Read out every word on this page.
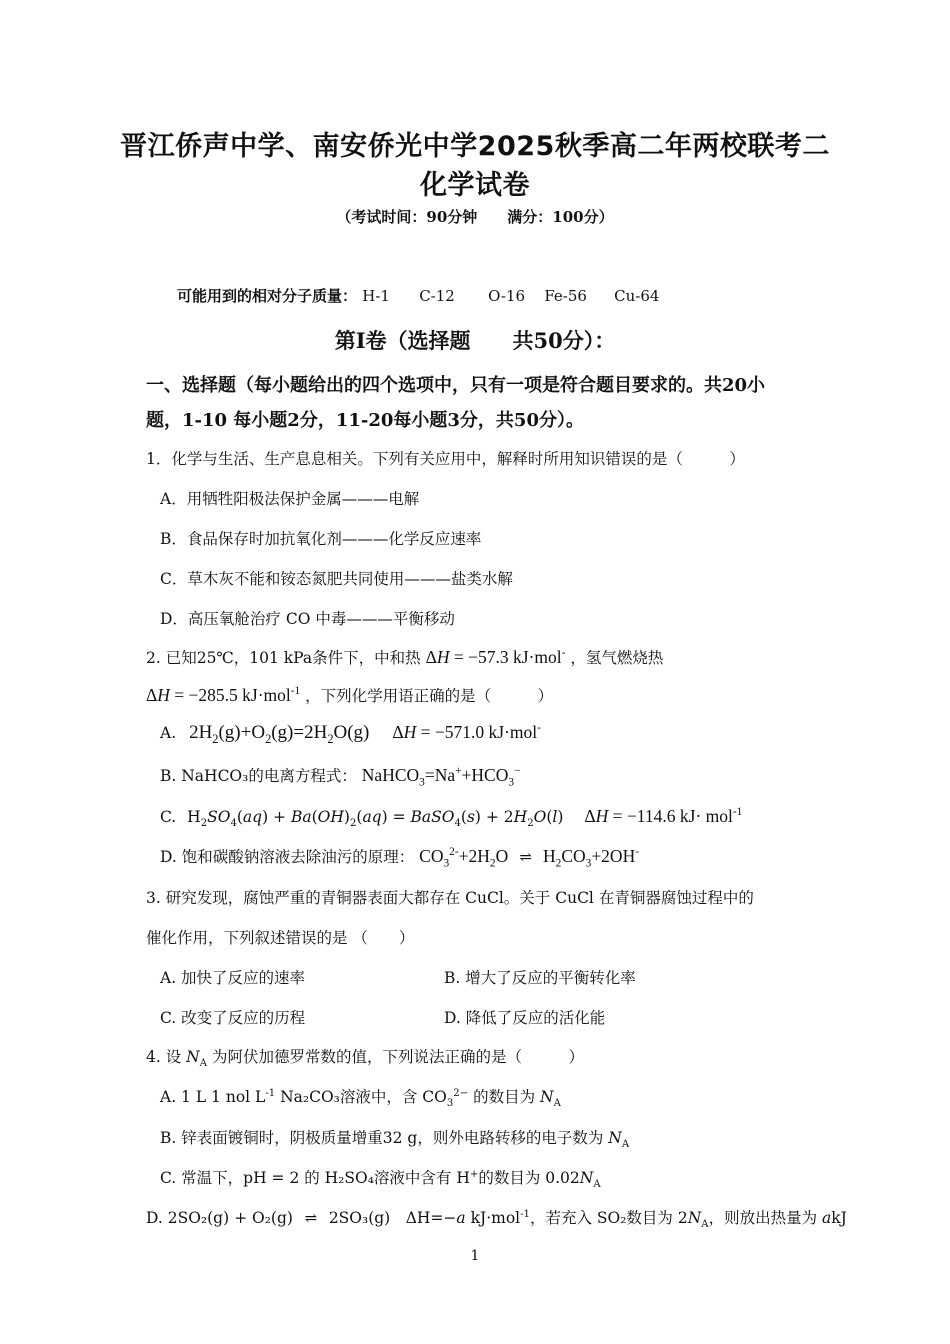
晋江侨声中学、南安侨光中学2025秋季高二年两校联考二
化学试卷
（考试时间：90分钟　　满分：100分）
可能用到的相对分子质量： H-1 C-12 O-16 Fe-56 Cu-64
第Ⅰ卷（选择题　　共50分）：
一、选择题（每小题给出的四个选项中，只有一项是符合题目要求的。共20小
题，1-10 每小题2分，11-20每小题3分，共50分）。
1．化学与生活、生产息息相关。下列有关应用中，解释时所用知识错误的是（　　　）
A．用牺牲阳极法保护金属———电解
B．食品保存时加抗氧化剂———化学反应速率
C．草木灰不能和铵态氮肥共同使用———盐类水解
D．高压氧舱治疗 CO 中毒———平衡移动
2. 已知25℃，101 kPa条件下，中和热 ΔH = −57.3 kJ·mol- ，氢气燃烧热
ΔH = −285.5 kJ·mol$^{-1}$ ，下列化学用语正确的是（　　　）
A. $2H_2(g)+O_2(g)=2H_2O(g) \Delta H = -571.0$ kJ·mol-
B. NaHCO₃的电离方程式： $NaHCO_3=Na^++HCO_3^-$
C. $H_2SO_4(aq) + Ba(OH)_2(aq)$ = BaSO$_4$(s) + $2H_2O(l) \Delta H = -114.6$ kJ· mol$^{-1}$
D. 饱和碳酸钠溶液去除油污的原理： $CO_3^{2-}+2H_2O$ ⇌ $H_2CO_3+2OH^-$
3. 研究发现，腐蚀严重的青铜器表面大都存在 CuCl。关于 CuCl 在青铜器腐蚀过程中的
催化作用，下列叙述错误的是 （　　）
A. 加快了反应的速率	B. 增大了反应的平衡转化率
C. 改变了反应的历程	D. 降低了反应的活化能
4. 设 $N_A$ 为阿伏加德罗常数的值，下列说法正确的是（　　　）
A. 1 L 1 nol $L^{-1}$ Na₂CO₃溶液中，含 $CO_3^{2-}$ 的数目为 $N_A$
B. 锌表面镀铜时，阴极质量增重32 g，则外电路转移的电子数为 $N_A$
C. 常温下，pH = 2 的 H₂SO₄溶液中含有 H+的数目为 $0.02N_A$
D. 2SO₂(g) + O₂(g) ⇌ 2SO₃(g)　ΔH=−a kJ·mol$^{-1}$，若充入 SO₂数目为 $2N_A$，则放出热量为 akJ
1
